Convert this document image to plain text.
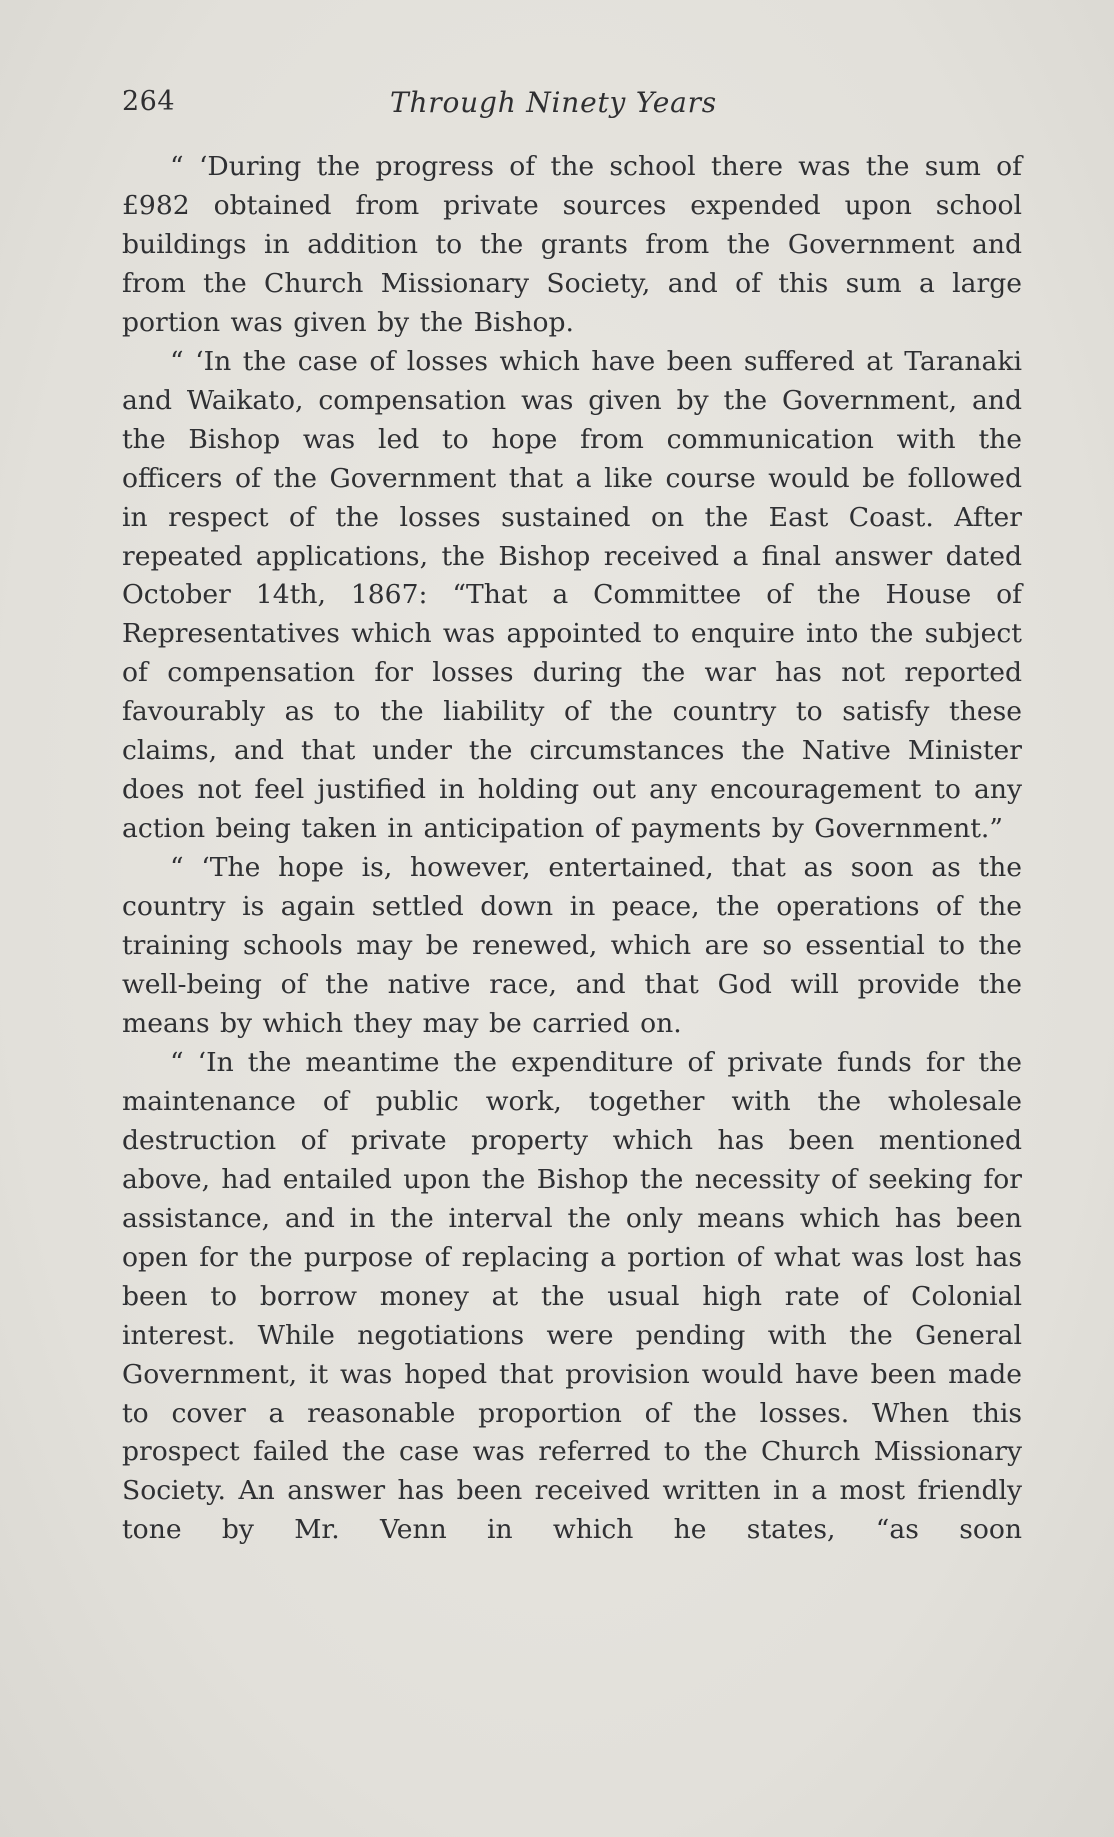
264	Through Ninety Years

“ ‘During the progress of the school there was the sum of £982 obtained from private sources expended upon school buildings in addition to the grants from the Government and from the Church Missionary Society, and of this sum a large portion was given by the Bishop.

“ ‘In the case of losses which have been suffered at Taranaki and Waikato, compensation was given by the Government, and the Bishop was led to hope from communication with the officers of the Government that a like course would be followed in respect of the losses sustained on the East Coast. After repeated applications, the Bishop received a final answer dated October 14th, 1867: “That a Committee of the House of Representatives which was appointed to enquire into the subject of compensation for losses during the war has not reported favourably as to the liability of the country to satisfy these claims, and that under the circumstances the Native Minister does not feel justified in holding out any encouragement to any action being taken in anticipation of payments by Government.”

“ ‘The hope is, however, entertained, that as soon as the country is again settled down in peace, the operations of the training schools may be renewed, which are so essential to the well-being of the native race, and that God will provide the means by which they may be carried on.

“ ‘In the meantime the expenditure of private funds for the maintenance of public work, together with the wholesale destruction of private property which has been mentioned above, had entailed upon the Bishop the necessity of seeking for assistance, and in the interval the only means which has been open for the purpose of replacing a portion of what was lost has been to borrow money at the usual high rate of Colonial interest. While negotiations were pending with the General Government, it was hoped that provision would have been made to cover a reasonable proportion of the losses. When this prospect failed the case was referred to the Church Missionary Society. An answer has been received written in a most friendly tone by Mr. Venn in which he states, “as soon
